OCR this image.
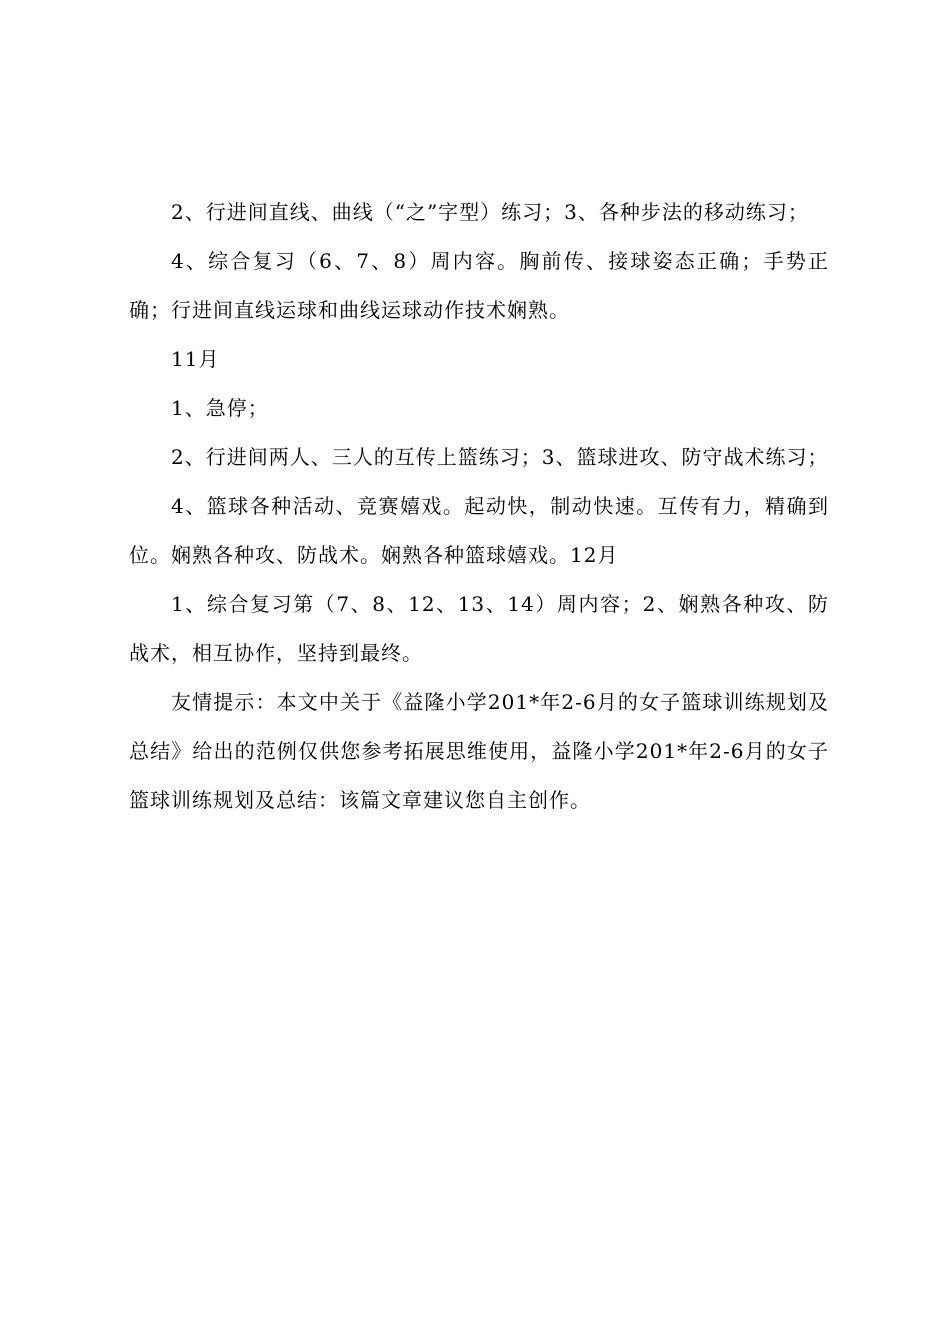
2、行进间直线、曲线（“之”字型）练习；3、各种步法的移动练习；

4、综合复习（6、7、8）周内容。胸前传、接球姿态正确；手势正确；行进间直线运球和曲线运球动作技术娴熟。

11月

1、急停；

2、行进间两人、三人的互传上篮练习；3、篮球进攻、防守战术练习；

4、篮球各种活动、竞赛嬉戏。起动快，制动快速。互传有力，精确到位。娴熟各种攻、防战术。娴熟各种篮球嬉戏。12月

1、综合复习第（7、8、12、13、14）周内容；2、娴熟各种攻、防战术，相互协作，坚持到最终。

友情提示：本文中关于《益隆小学201*年2-6月的女子篮球训练规划及总结》给出的范例仅供您参考拓展思维使用，益隆小学201*年2-6月的女子篮球训练规划及总结：该篇文章建议您自主创作。
